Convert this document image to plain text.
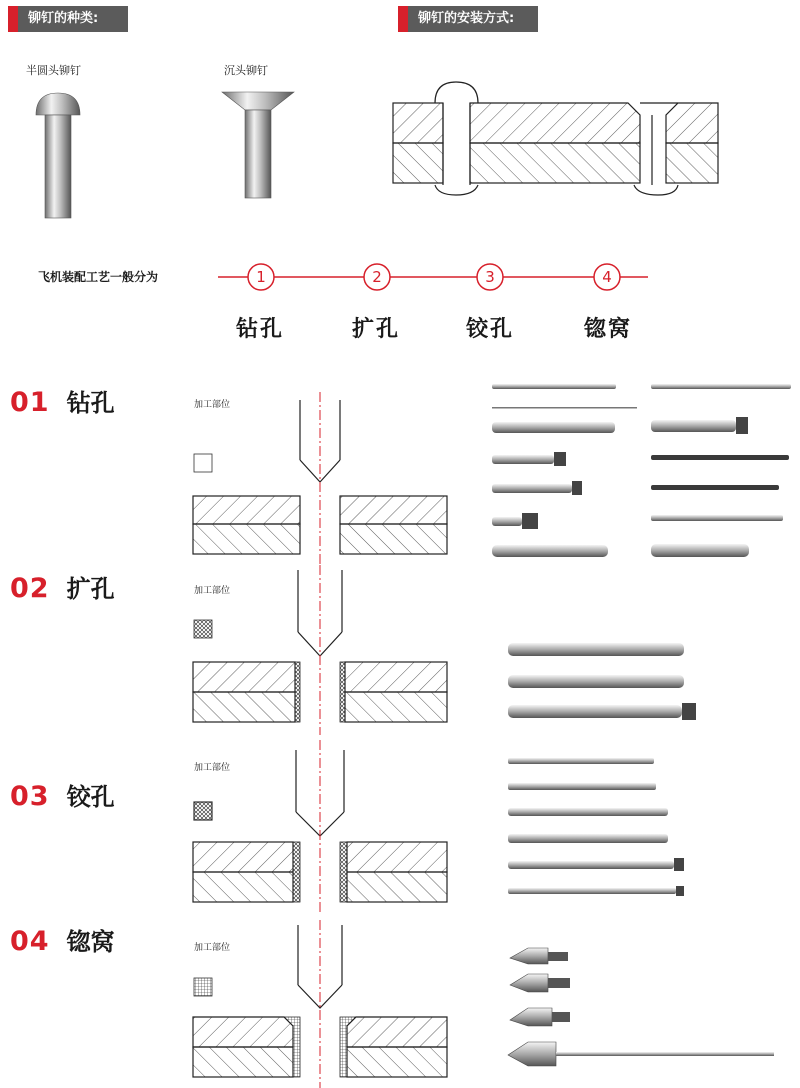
铆钉的种类:	铆钉的安装方式:
半圆头铆钉	沉头铆钉
飞机装配工艺一般分为	1	2	3	4
钻孔	扩孔	铰孔	锪窝
01 钻孔
02 扩孔
03 铰孔
04 锪窝
加工部位
加工部位
加工部位
加工部位
